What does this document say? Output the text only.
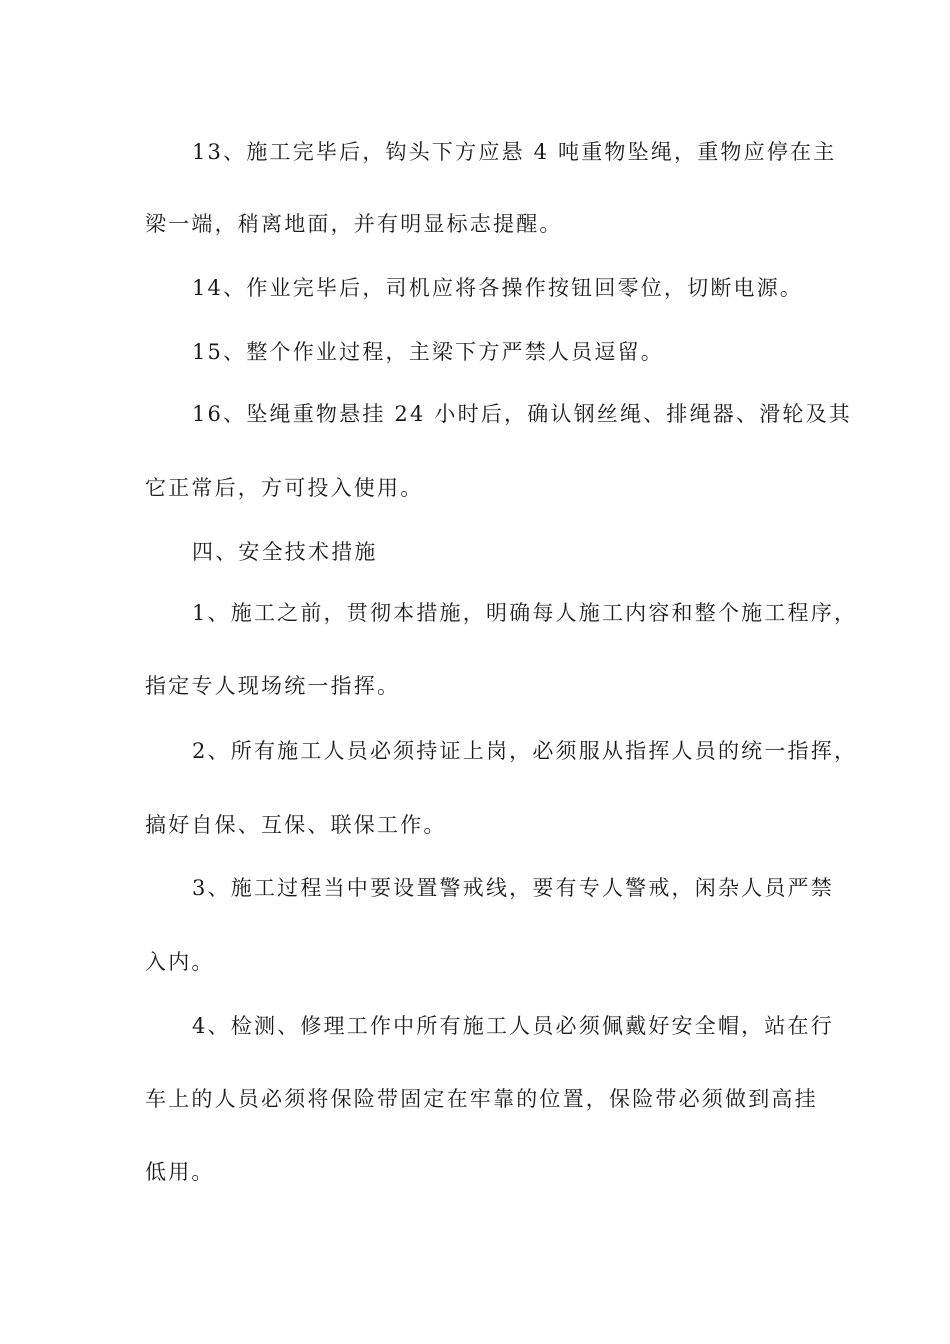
13、施工完毕后，钩头下方应悬 4 吨重物坠绳，重物应停在主
梁一端，稍离地面，并有明显标志提醒。
14、作业完毕后，司机应将各操作按钮回零位，切断电源。
15、整个作业过程，主梁下方严禁人员逗留。
16、坠绳重物悬挂 24 小时后，确认钢丝绳、排绳器、滑轮及其
它正常后，方可投入使用。
四、安全技术措施
1、施工之前，贯彻本措施，明确每人施工内容和整个施工程序，
指定专人现场统一指挥。
2、所有施工人员必须持证上岗，必须服从指挥人员的统一指挥，
搞好自保、互保、联保工作。
3、施工过程当中要设置警戒线，要有专人警戒，闲杂人员严禁
入内。
4、检测、修理工作中所有施工人员必须佩戴好安全帽，站在行
车上的人员必须将保险带固定在牢靠的位置，保险带必须做到高挂
低用。
